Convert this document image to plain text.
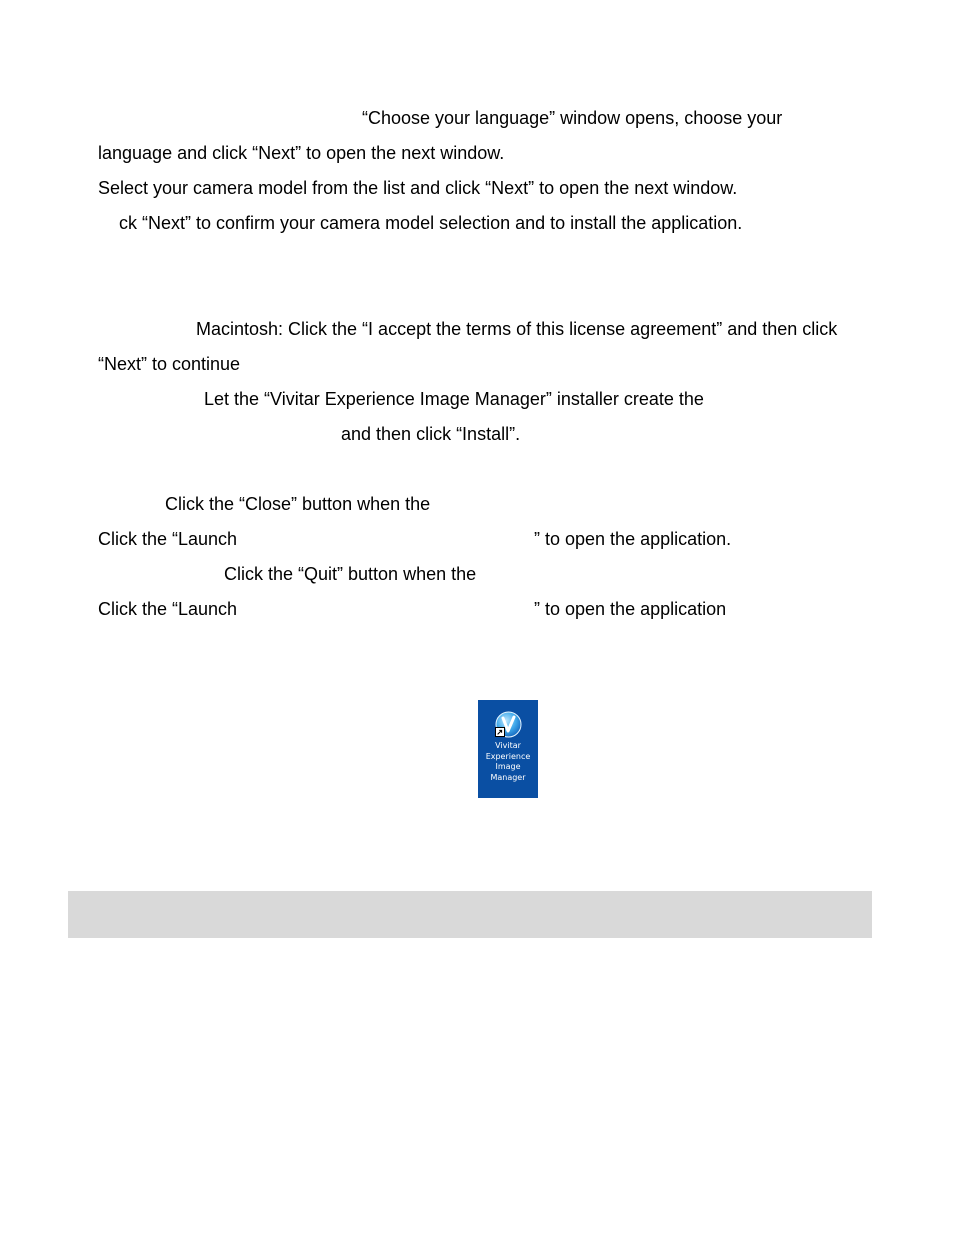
“Choose your language” window opens, choose your

language and click “Next” to open the next window.

Select your camera model from the list and click “Next” to open the next window.

ck “Next” to confirm your camera model selection and to install the application.

Macintosh: Click the “I accept the terms of this license agreement” and then click

“Next” to continue

Let the “Vivitar Experience Image Manager” installer create the

and then click “Install”.

Click the “Close” button when the

Click the “Launch	” to open the application.

Click the “Quit” button when the

Click the “Launch	” to open the application

Vivitar
Experience
Image
Manager
